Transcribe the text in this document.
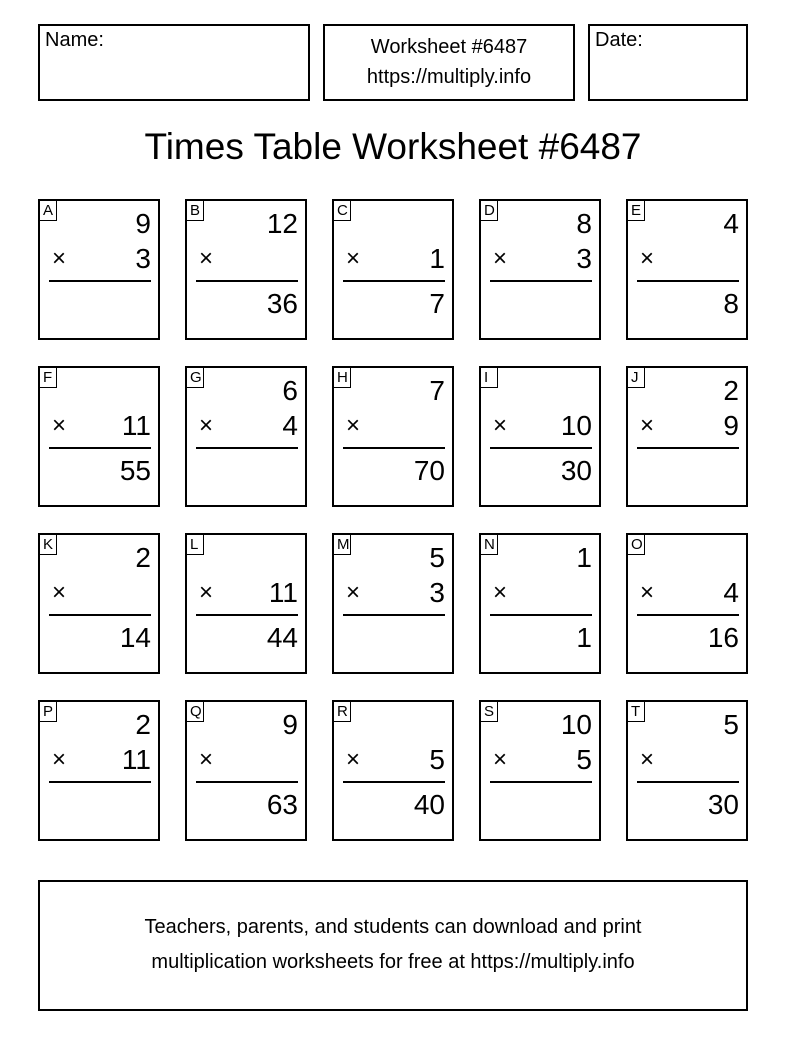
Name:	Worksheet #6487
https://multiply.info
Date:
Times Table Worksheet #6487
A	9
× 3
B 12
×
36
C
× 1
7
D	8
× 3
E	4
×
8
F
× 11
55
G	6
× 4
H	7
×
70
I
× 10
30
J	2
× 9
K	2
×
14
L
× 11
44
M	5
× 3
N	1
×
1
O
× 4
16
P	2
× 11
Q	9
×
63
R
× 5
40
S 10
× 5
T	5
×
30
Teachers, parents, and students can download and print
multiplication worksheets for free at https://multiply.info
